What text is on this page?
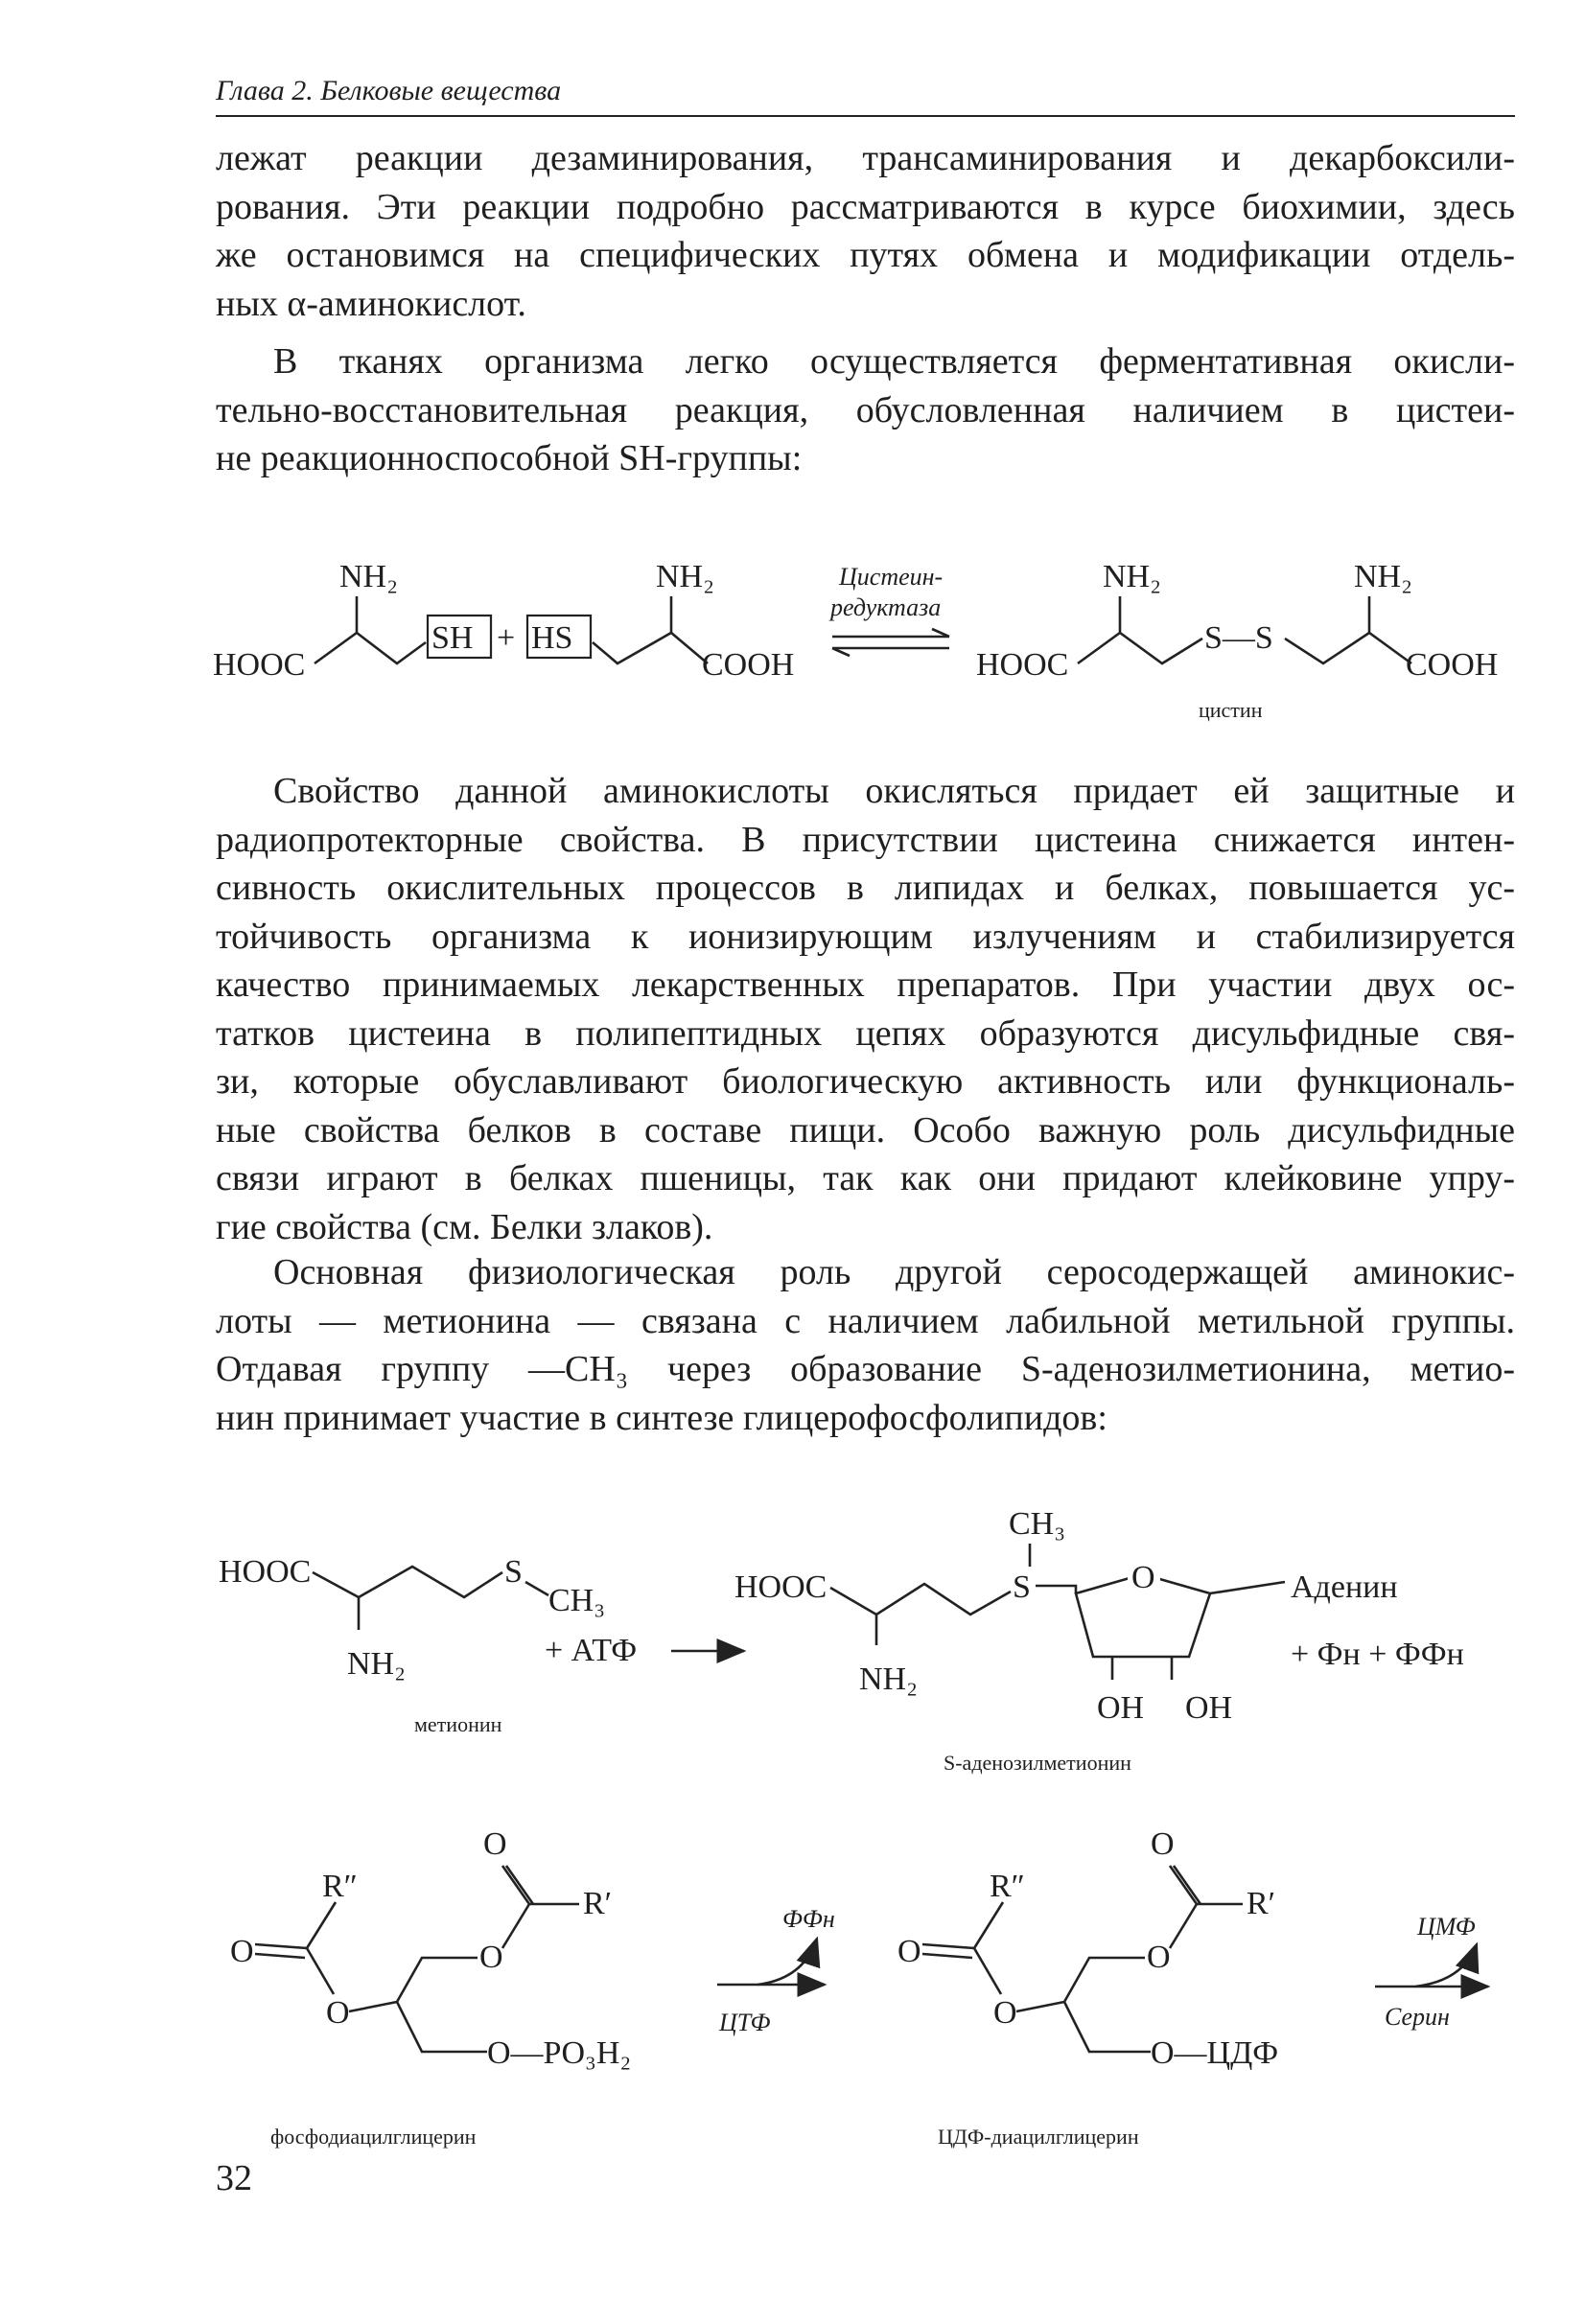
Глава 2. Белковые вещества
лежат реакции дезаминирования, трансаминирования и декарбоксили-
рования. Эти реакции подробно рассматриваются в курсе биохимии, здесь
же остановимся на специфических путях обмена и модификации отдель-
ных α-аминокислот.
В тканях организма легко осуществляется ферментативная окисли-
тельно-восстановительная реакция, обусловленная наличием в цистеи-
не реакционноспособной SH-группы:
Свойство данной аминокислоты окисляться придает ей защитные и
радиопротекторные свойства. В присутствии цистеина снижается интен-
сивность окислительных процессов в липидах и белках, повышается ус-
тойчивость организма к ионизирующим излучениям и стабилизируется
качество принимаемых лекарственных препаратов. При участии двух ос-
татков цистеина в полипептидных цепях образуются дисульфидные свя-
зи, которые обуславливают биологическую активность или функциональ-
ные свойства белков в составе пищи. Особо важную роль дисульфидные
связи играют в белках пшеницы, так как они придают клейковине упру-
гие свойства (см. Белки злаков).
Основная физиологическая роль другой серосодержащей аминокис-
лоты — метионина — связана с наличием лабильной метильной группы.
Отдавая группу —CH₃ через образование S-аденозилметионина, метио-
нин принимает участие в синтезе глицерофосфолипидов:
NH₂
HOOC
SH + HS
NH₂
COOH
Цистеин-
редуктаза
NH₂
HOOC
S—S
NH₂
COOH
цистин
HOOC
NH₂
S
CH₃
+ АТФ
метионин
CH₃
HOOC
NH₂
S	O	Аденин
OH OH
+ Фн + ФФн
S-аденозилметионин
R″
O
O
O
O
R′
O—PO₃H₂
фосфодиацилглицерин
ФФн
ЦТФ
R″
O
O
O
O
R′
O—ЦДФ
ЦДФ-диацилглицерин
ЦМФ
Серин
32
